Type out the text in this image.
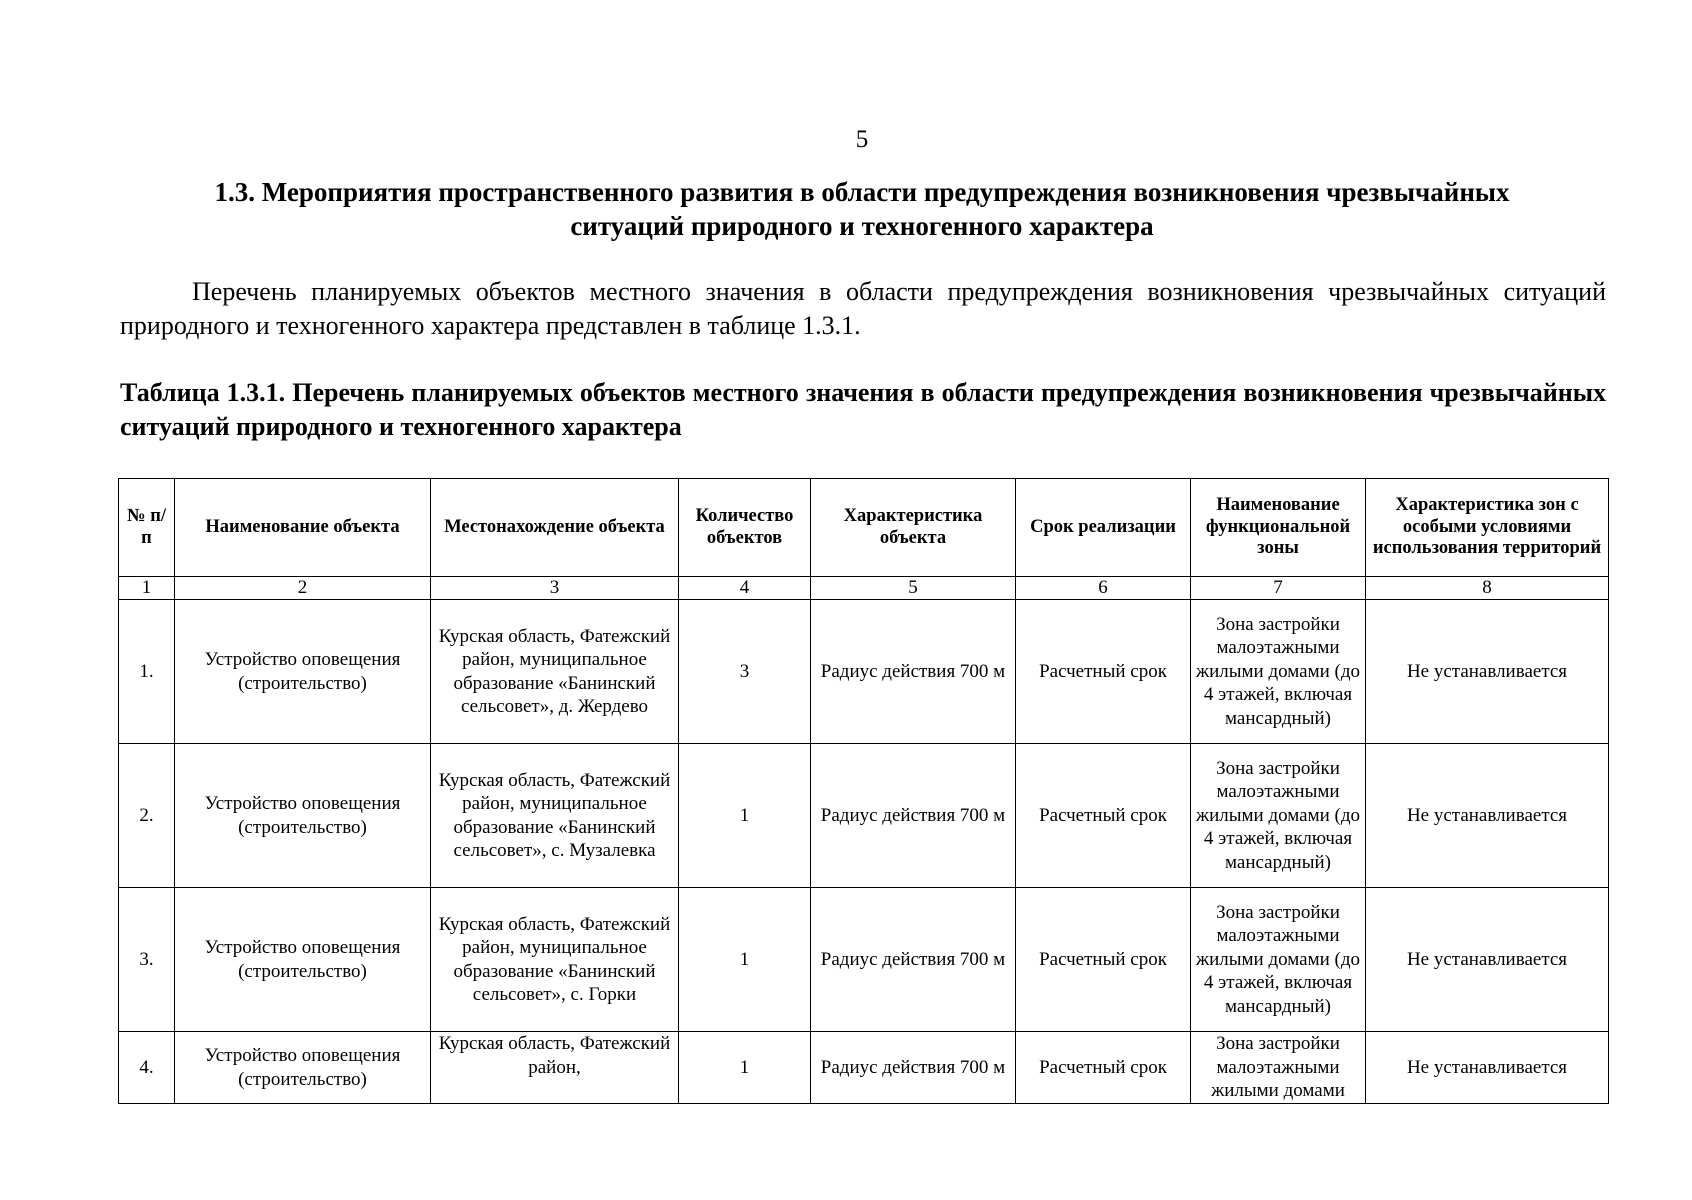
5
1.3. Мероприятия пространственного развития в области предупреждения возникновения чрезвычайных
ситуаций природного и техногенного характера
Перечень планируемых объектов местного значения в области предупреждения возникновения чрезвычайных ситуаций природного и техногенного характера представлен в таблице 1.3.1.
Таблица 1.3.1. Перечень планируемых объектов местного значения в области предупреждения возникновения чрезвычайных ситуаций природного и техногенного характера
№ п/п	Наименование объекта	Местонахождение объекта	Количество объектов	Характеристика объекта	Срок реализации	Наименование функциональной зоны	Характеристика зон с особыми условиями использования территорий
1	2	3	4	5	6	7	8
1.	Устройство оповещения (строительство)	Курская область, Фатежский район, муниципальное образование «Банинский сельсовет», д. Жердево	3	Радиус действия 700 м	Расчетный срок	Зона застройки малоэтажными жилыми домами (до 4 этажей, включая мансардный)	Не устанавливается
2.	Устройство оповещения (строительство)	Курская область, Фатежский район, муниципальное образование «Банинский сельсовет», с. Музалевка	1	Радиус действия 700 м	Расчетный срок	Зона застройки малоэтажными жилыми домами (до 4 этажей, включая мансардный)	Не устанавливается
3.	Устройство оповещения (строительство)	Курская область, Фатежский район, муниципальное образование «Банинский сельсовет», с. Горки	1	Радиус действия 700 м	Расчетный срок	Зона застройки малоэтажными жилыми домами (до 4 этажей, включая мансардный)	Не устанавливается
4.	Устройство оповещения (строительство)	Курская область, Фатежский район,	1	Радиус действия 700 м	Расчетный срок	Зона застройки малоэтажными жилыми домами	Не устанавливается
